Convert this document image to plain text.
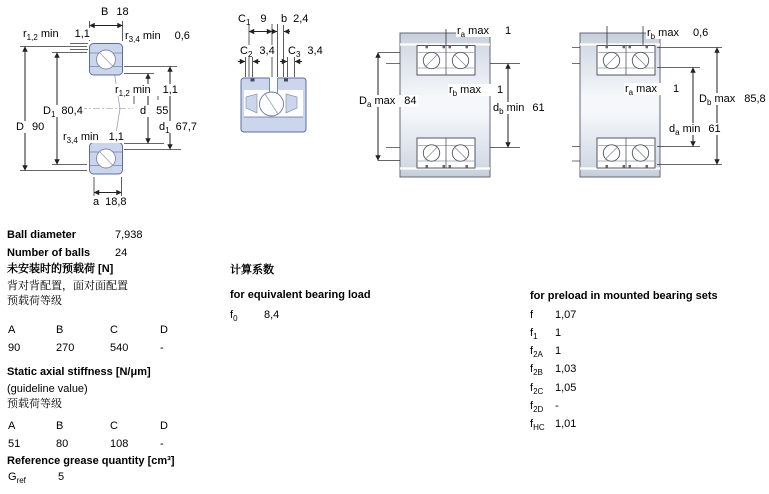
B 18
$r_{1,2}$ min 1,1	$r_{3,4}$ min 0,6
$D_1$ 80,4
D 90
$r_{1,2}$ min 1,1
d 55
$d_1$ 67,7
$r_{3,4}$ min 1,1
a 18,8
$C_1$ 9 b 2,4
$C_2$ 3,4 $C_3$ 3,4
$r_a$ max 1
$r_b$ max 1
$D_a$ max 84
$d_b$ min 61
$r_b$ max 0,6
$r_a$ max 1
$D_b$ max 85,8
$d_a$ min 61
Ball diameter	7,938
Number of balls 24
未安装时的预载荷 [N]
背对背配置，面对面配置
预载荷等级
A	B	C	D
90	270	540	-
Static axial stiffness [N/μm]
(guideline value)
预载荷等级
A	B	C	D
51	80	108	-
Reference grease quantity [cm³]
$G_{ref}$	5
计算系数
for equivalent bearing load
$f_0$ 8,4
for preload in mounted bearing sets
f 1,07
$f_1$ 1
$f_{2A}$ 1
$f_{2B}$ 1,03
$f_{2C}$ 1,05
$f_{2D}$ -
$f_{HC}$ 1,01
